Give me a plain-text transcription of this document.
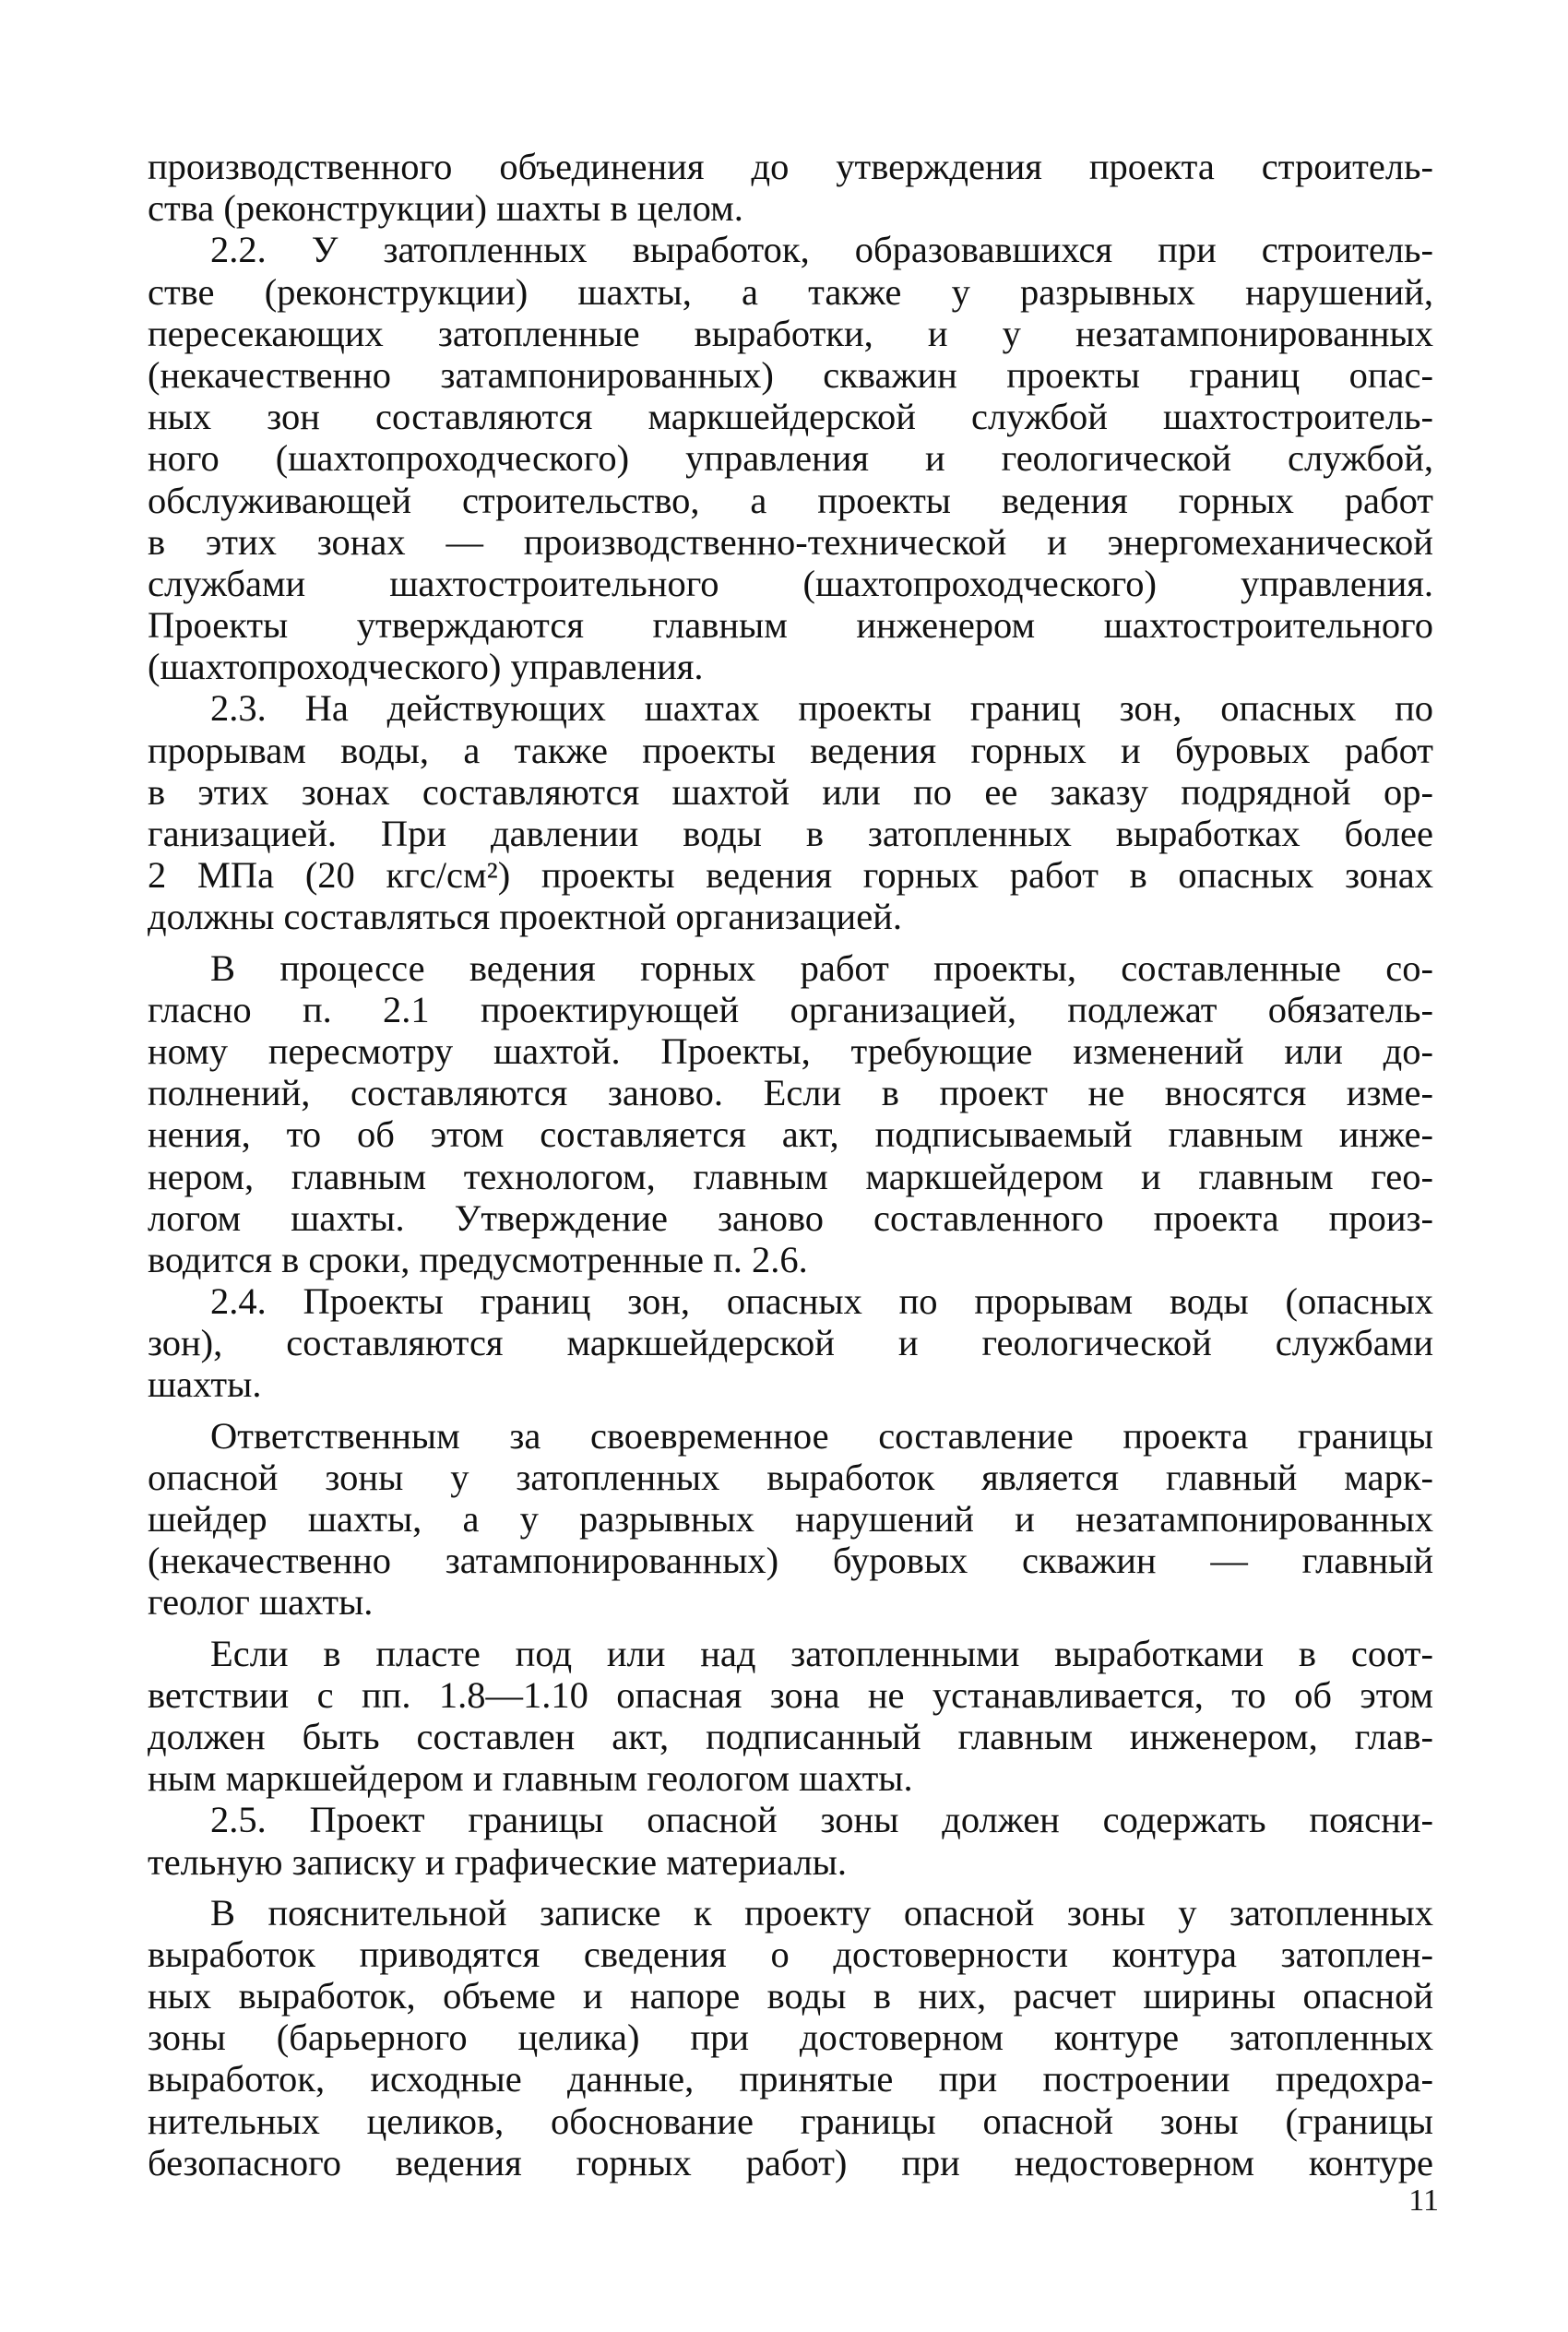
производственного объединения до утверждения проекта строитель-
ства (реконструкции) шахты в целом.
2.2. У затопленных выработок, образовавшихся при строитель-
стве (реконструкции) шахты, а также у разрывных нарушений,
пересекающих затопленные выработки, и у незатампонированных
(некачественно затампонированных) скважин проекты границ опас-
ных зон составляются маркшейдерской службой шахтостроитель-
ного (шахтопроходческого) управления и геологической службой,
обслуживающей строительство, а проекты ведения горных работ
в этих зонах — производственно-технической и энергомеханической
службами шахтостроительного (шахтопроходческого) управления.
Проекты утверждаются главным инженером шахтостроительного
(шахтопроходческого) управления.
2.3. На действующих шахтах проекты границ зон, опасных по
прорывам воды, а также проекты ведения горных и буровых работ
в этих зонах составляются шахтой или по ее заказу подрядной ор-
ганизацией. При давлении воды в затопленных выработках более
2 МПа (20 кгс/см²) проекты ведения горных работ в опасных зонах
должны составляться проектной организацией.
В процессе ведения горных работ проекты, составленные со-
гласно п. 2.1 проектирующей организацией, подлежат обязатель-
ному пересмотру шахтой. Проекты, требующие изменений или до-
полнений, составляются заново. Если в проект не вносятся изме-
нения, то об этом составляется акт, подписываемый главным инже-
нером, главным технологом, главным маркшейдером и главным гео-
логом шахты. Утверждение заново составленного проекта произ-
водится в сроки, предусмотренные п. 2.6.
2.4. Проекты границ зон, опасных по прорывам воды (опасных
зон), составляются маркшейдерской и геологической службами
шахты.
Ответственным за своевременное составление проекта границы
опасной зоны у затопленных выработок является главный марк-
шейдер шахты, а у разрывных нарушений и незатампонированных
(некачественно затампонированных) буровых скважин — главный
геолог шахты.
Если в пласте под или над затопленными выработками в соот-
ветствии с пп. 1.8—1.10 опасная зона не устанавливается, то об этом
должен быть составлен акт, подписанный главным инженером, глав-
ным маркшейдером и главным геологом шахты.
2.5. Проект границы опасной зоны должен содержать поясни-
тельную записку и графические материалы.
В пояснительной записке к проекту опасной зоны у затопленных
выработок приводятся сведения о достоверности контура затоплен-
ных выработок, объеме и напоре воды в них, расчет ширины опасной
зоны (барьерного целика) при достоверном контуре затопленных
выработок, исходные данные, принятые при построении предохра-
нительных целиков, обоснование границы опасной зоны (границы
безопасного ведения горных работ) при недостоверном контуре
11
